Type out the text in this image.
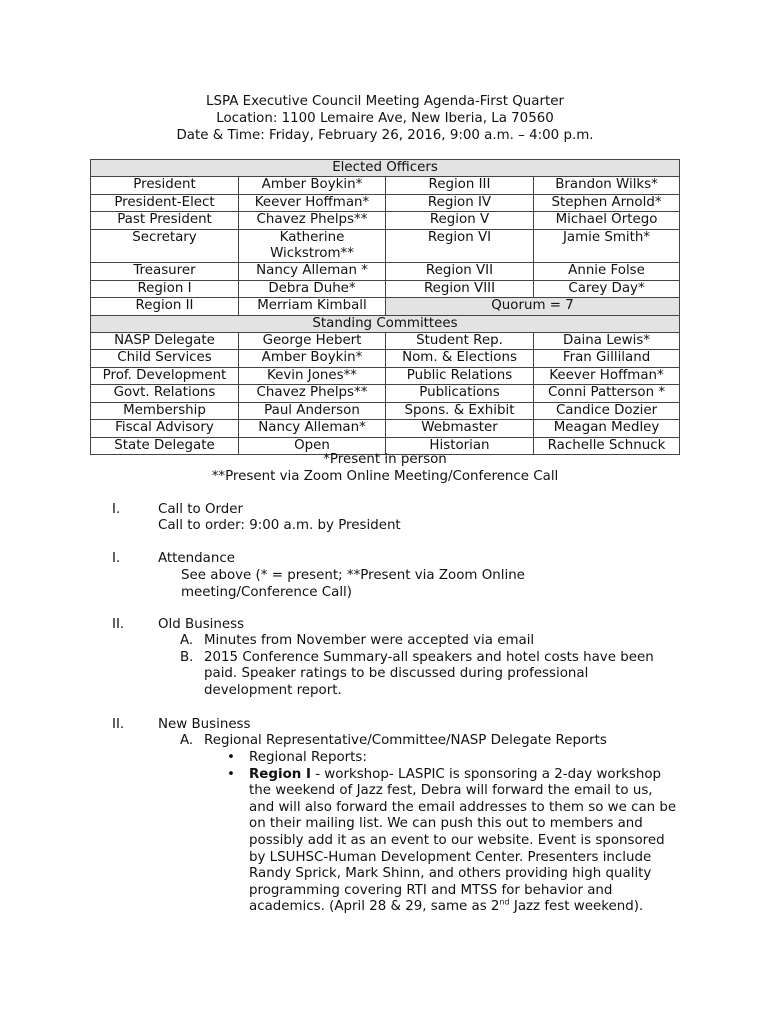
LSPA Executive Council Meeting Agenda-First Quarter
Location: 1100 Lemaire Ave, New Iberia, La 70560
Date & Time: Friday, February 26, 2016, 9:00 a.m. – 4:00 p.m.
Elected Officers			
President	Amber Boykin*	Region III	Brandon Wilks*
President-Elect	Keever Hoffman*	Region IV	Stephen Arnold*
Past President	Chavez Phelps**	Region V	Michael Ortego
Secretary	Katherine Wickstrom**	Region VI	Jamie Smith*
Treasurer	Nancy Alleman *	Region VII	Annie Folse
Region I	Debra Duhe*	Region VIII	Carey Day*
Region II	Merriam Kimball	Quorum = 7	
Standing Committees			
NASP Delegate	George Hebert	Student Rep.	Daina Lewis*
Child Services	Amber Boykin*	Nom. & Elections	Fran Gilliland
Prof. Development	Kevin Jones**	Public Relations	Keever Hoffman*
Govt. Relations	Chavez Phelps**	Publications	Conni Patterson *
Membership	Paul Anderson	Spons. & Exhibit	Candice Dozier
Fiscal Advisory	Nancy Alleman*	Webmaster	Meagan Medley
State Delegate	Open	Historian	Rachelle Schnuck
*Present in person
**Present via Zoom Online Meeting/Conference Call
I.	Call to Order
Call to order: 9:00 a.m. by President
I.	Attendance
See above (* = present; **Present via Zoom Online meeting/Conference Call)
II.	Old Business
A. Minutes from November were accepted via email
B. 2015 Conference Summary-all speakers and hotel costs have been paid. Speaker ratings to be discussed during professional development report.
II.	New Business
A. Regional Representative/Committee/NASP Delegate Reports
• Regional Reports:
• Region I - workshop- LASPIC is sponsoring a 2-day workshop the weekend of Jazz fest, Debra will forward the email to us, and will also forward the email addresses to them so we can be on their mailing list. We can push this out to members and possibly add it as an event to our website. Event is sponsored by LSUHSC-Human Development Center. Presenters include Randy Sprick, Mark Shinn, and others providing high quality programming covering RTI and MTSS for behavior and academics. (April 28 & 29, same as 2nd Jazz fest weekend).
